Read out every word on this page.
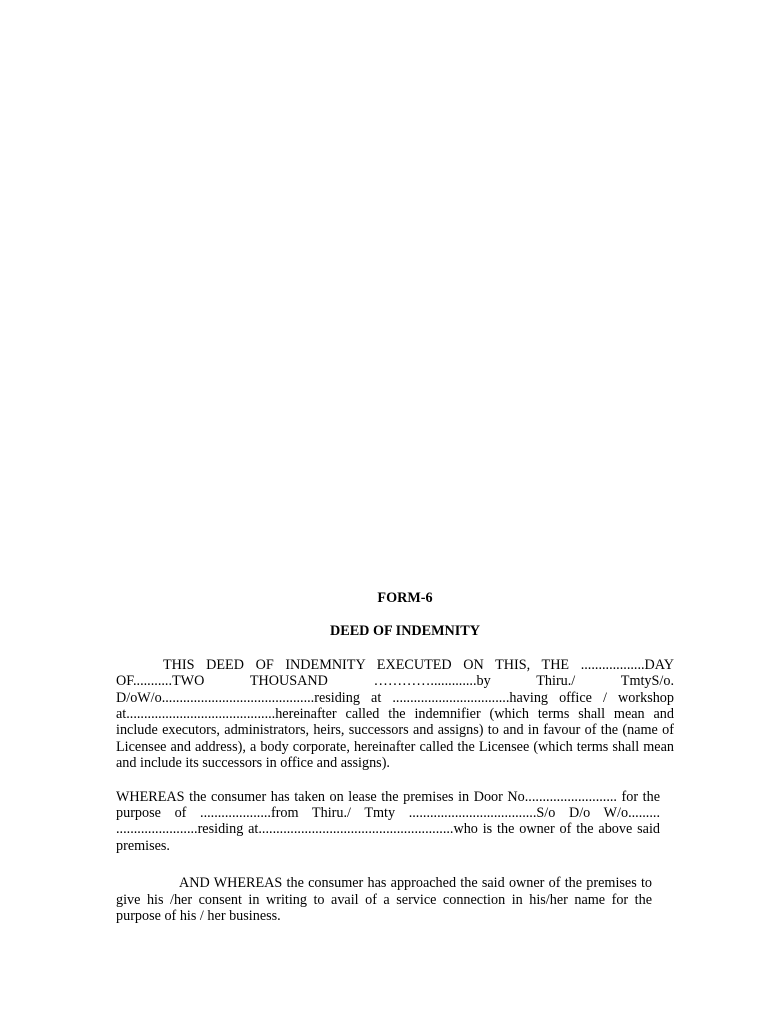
FORM-6

DEED OF INDEMNITY

THIS DEED OF INDEMNITY EXECUTED ON THIS, THE ..................DAY OF...........TWO THOUSAND ………….............by Thiru./ TmtyS/o. D/oW/o...........................................residing at .................................having office / workshop at..........................................hereinafter called the indemnifier (which terms shall mean and include executors, administrators, heirs, successors and assigns) to and in favour of the (name of Licensee and address), a body corporate, hereinafter called the Licensee (which terms shall mean and include its successors in office and assigns).

WHEREAS the consumer has taken on lease the premises in Door No.......................... for the purpose of ....................from Thiru./ Tmty ....................................S/o D/o W/o......... .......................residing at.......................................................who is the owner of the above said premises.

AND WHEREAS the consumer has approached the said owner of the premises to give his /her consent in writing to avail of a service connection in his/her name for the purpose of his / her business.
